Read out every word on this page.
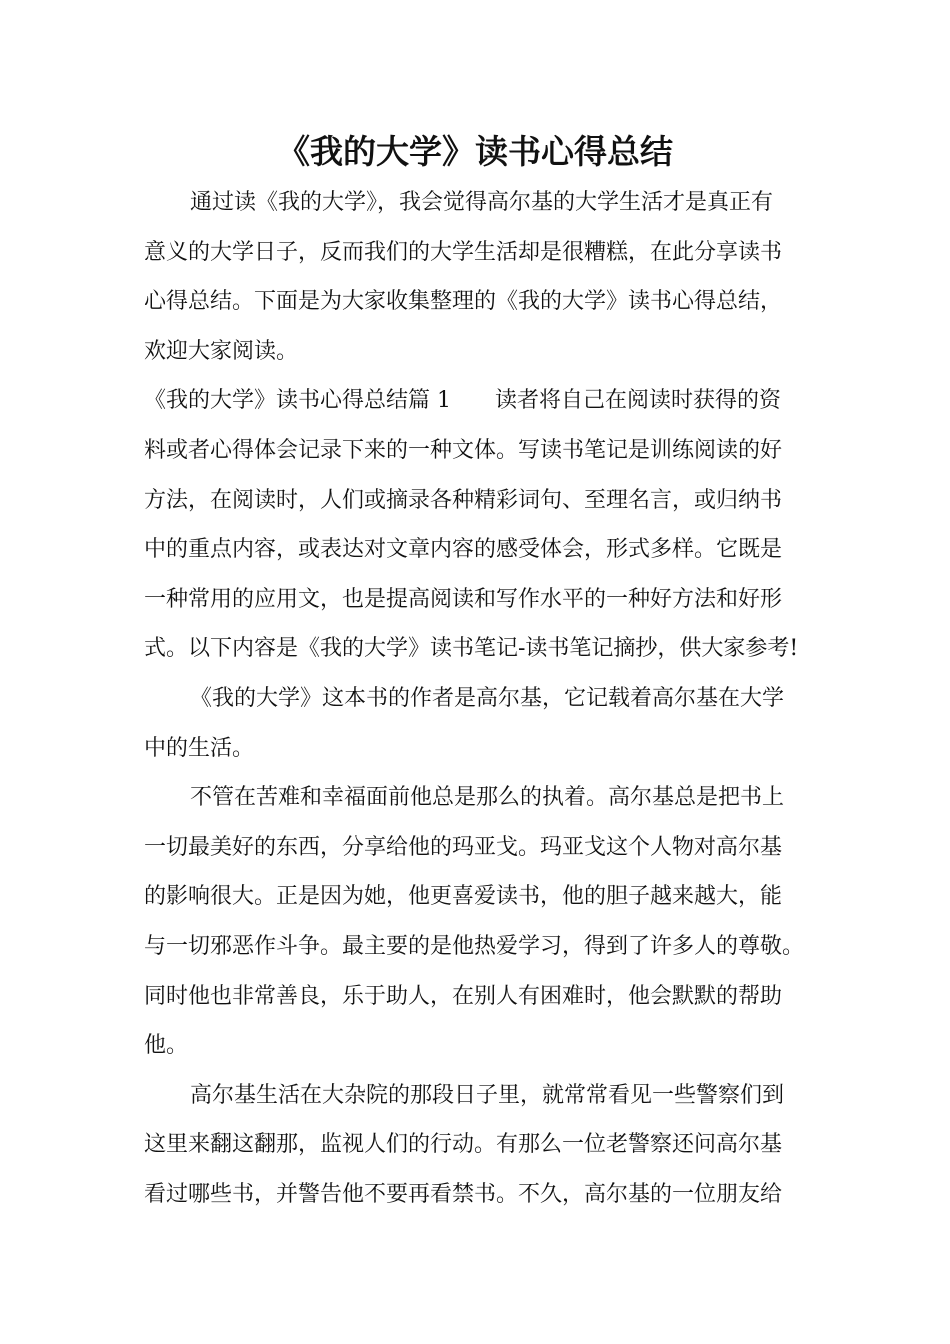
《我的大学》读书心得总结
通过读《我的大学》，我会觉得高尔基的大学生活才是真正有
意义的大学日子，反而我们的大学生活却是很糟糕，在此分享读书
心得总结。下面是为大家收集整理的《我的大学》读书心得总结，
欢迎大家阅读。
《我的大学》读书心得总结篇 1 读者将自己在阅读时获得的资
料或者心得体会记录下来的一种文体。写读书笔记是训练阅读的好
方法，在阅读时，人们或摘录各种精彩词句、至理名言，或归纳书
中的重点内容，或表达对文章内容的感受体会，形式多样。它既是
一种常用的应用文，也是提高阅读和写作水平的一种好方法和好形
式。以下内容是《我的大学》读书笔记-读书笔记摘抄，供大家参考!
《我的大学》这本书的作者是高尔基，它记载着高尔基在大学
中的生活。
不管在苦难和幸福面前他总是那么的执着。高尔基总是把书上
一切最美好的东西，分享给他的玛亚戈。玛亚戈这个人物对高尔基
的影响很大。正是因为她，他更喜爱读书，他的胆子越来越大，能
与一切邪恶作斗争。最主要的是他热爱学习，得到了许多人的尊敬。
同时他也非常善良，乐于助人，在别人有困难时，他会默默的帮助
他。
高尔基生活在大杂院的那段日子里，就常常看见一些警察们到
这里来翻这翻那，监视人们的行动。有那么一位老警察还问高尔基
看过哪些书，并警告他不要再看禁书。不久，高尔基的一位朋友给
